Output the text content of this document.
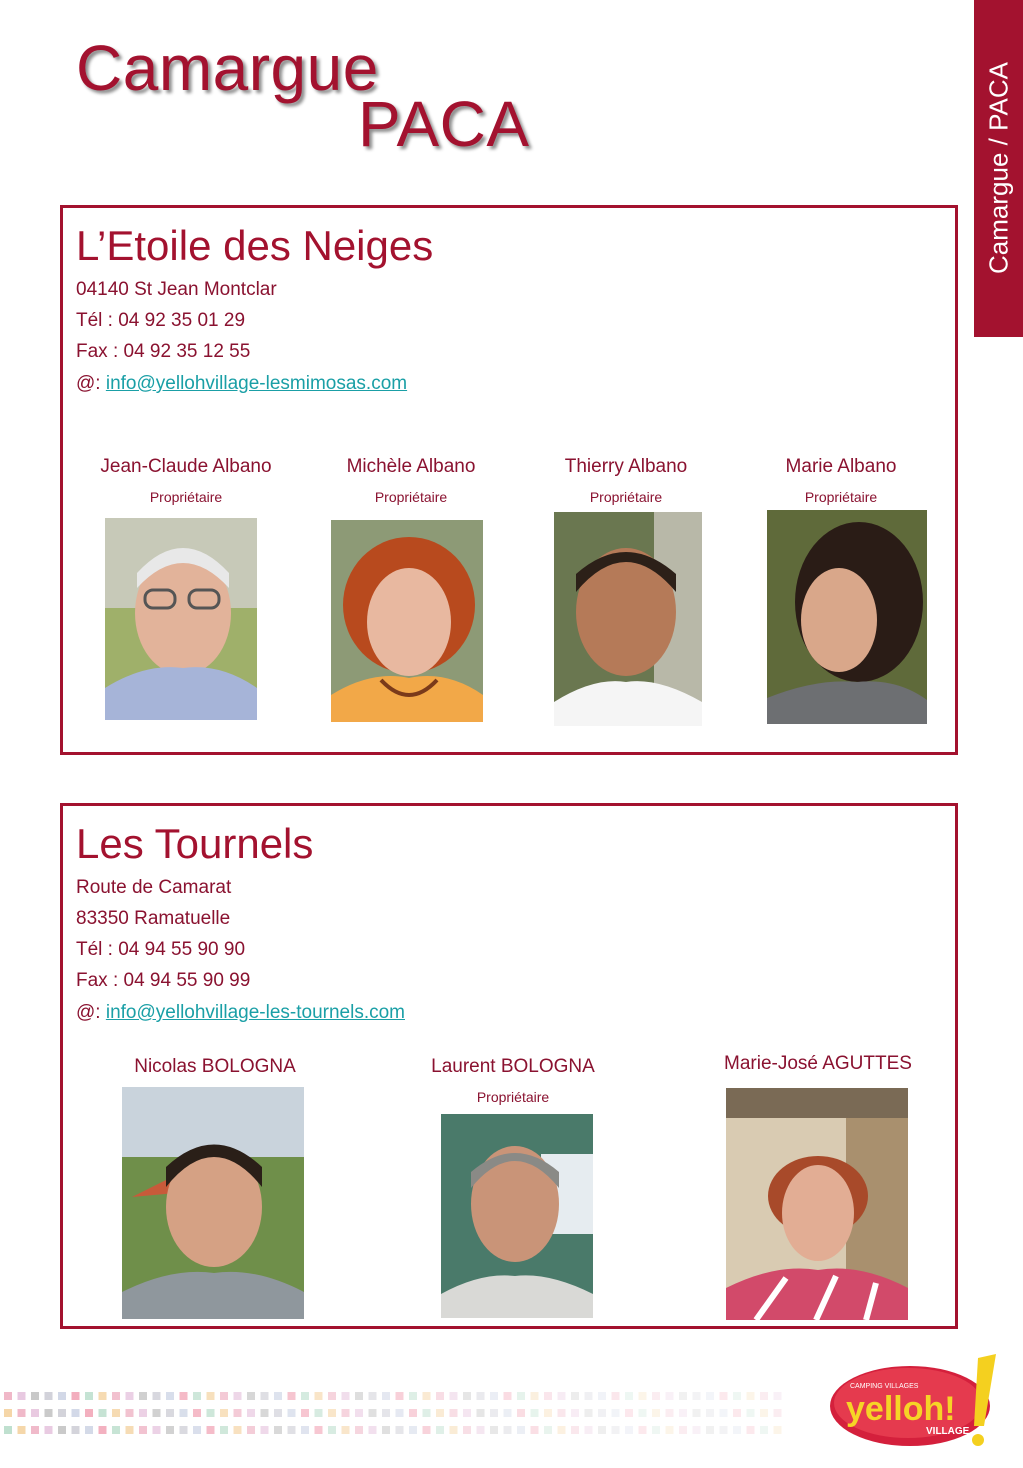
Camargue
PACA	Camargue / PACA
L’Etoile des Neiges
04140 St Jean Montclar
Tél : 04 92 35 01 29
Fax : 04 92 35 12 55
@: info@yellohvillage-lesmimosas.com
Jean-Claude Albano
Propriétaire
Michèle Albano
Propriétaire
Thierry Albano
Propriétaire
Marie Albano
Propriétaire
Les Tournels
Route de Camarat
83350 Ramatuelle
Tél : 04 94 55 90 90
Fax : 04 94 55 90 99
@: info@yellohvillage-les-tournels.com
Nicolas BOLOGNA	Laurent BOLOGNA
Propriétaire
Marie-José AGUTTES
CAMPING VILLAGES
yelloh!
VILLAGE
